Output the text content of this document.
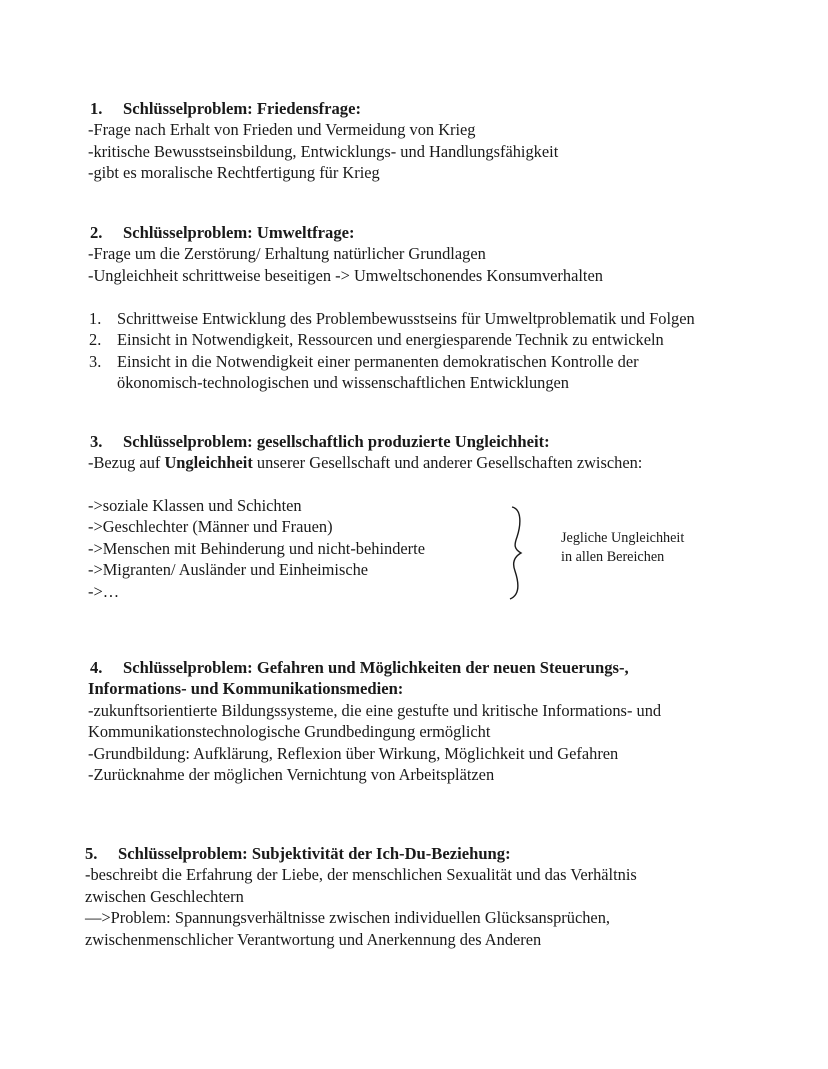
1. Schlüsselproblem: Friedensfrage:
-Frage nach Erhalt von Frieden und Vermeidung von Krieg
-kritische Bewusstseinsbildung, Entwicklungs- und Handlungsfähigkeit
-gibt es moralische Rechtfertigung für Krieg
2. Schlüsselproblem: Umweltfrage:
-Frage um die Zerstörung/ Erhaltung natürlicher Grundlagen
-Ungleichheit schrittweise beseitigen -> Umweltschonendes Konsumverhalten
1. Schrittweise Entwicklung des Problembewusstseins für Umweltproblematik und Folgen
2. Einsicht in Notwendigkeit, Ressourcen und energiesparende Technik zu entwickeln
3. Einsicht in die Notwendigkeit einer permanenten demokratischen Kontrolle der
ökonomisch-technologischen und wissenschaftlichen Entwicklungen
3. Schlüsselproblem: gesellschaftlich produzierte Ungleichheit:
-Bezug auf Ungleichheit unserer Gesellschaft und anderer Gesellschaften zwischen:
->soziale Klassen und Schichten
->Geschlechter (Männer und Frauen)
->Menschen mit Behinderung und nicht-behinderte
->Migranten/ Ausländer und Einheimische
->…
Jegliche Ungleichheit
in allen Bereichen
4. Schlüsselproblem: Gefahren und Möglichkeiten der neuen Steuerungs-,
Informations- und Kommunikationsmedien:
-zukunftsorientierte Bildungssysteme, die eine gestufte und kritische Informations- und
Kommunikationstechnologische Grundbedingung ermöglicht
-Grundbildung: Aufklärung, Reflexion über Wirkung, Möglichkeit und Gefahren
-Zurücknahme der möglichen Vernichtung von Arbeitsplätzen
5. Schlüsselproblem: Subjektivität der Ich-Du-Beziehung:
-beschreibt die Erfahrung der Liebe, der menschlichen Sexualität und das Verhältnis
zwischen Geschlechtern
—>Problem: Spannungsverhältnisse zwischen individuellen Glücksansprüchen,
zwischenmenschlicher Verantwortung und Anerkennung des Anderen
